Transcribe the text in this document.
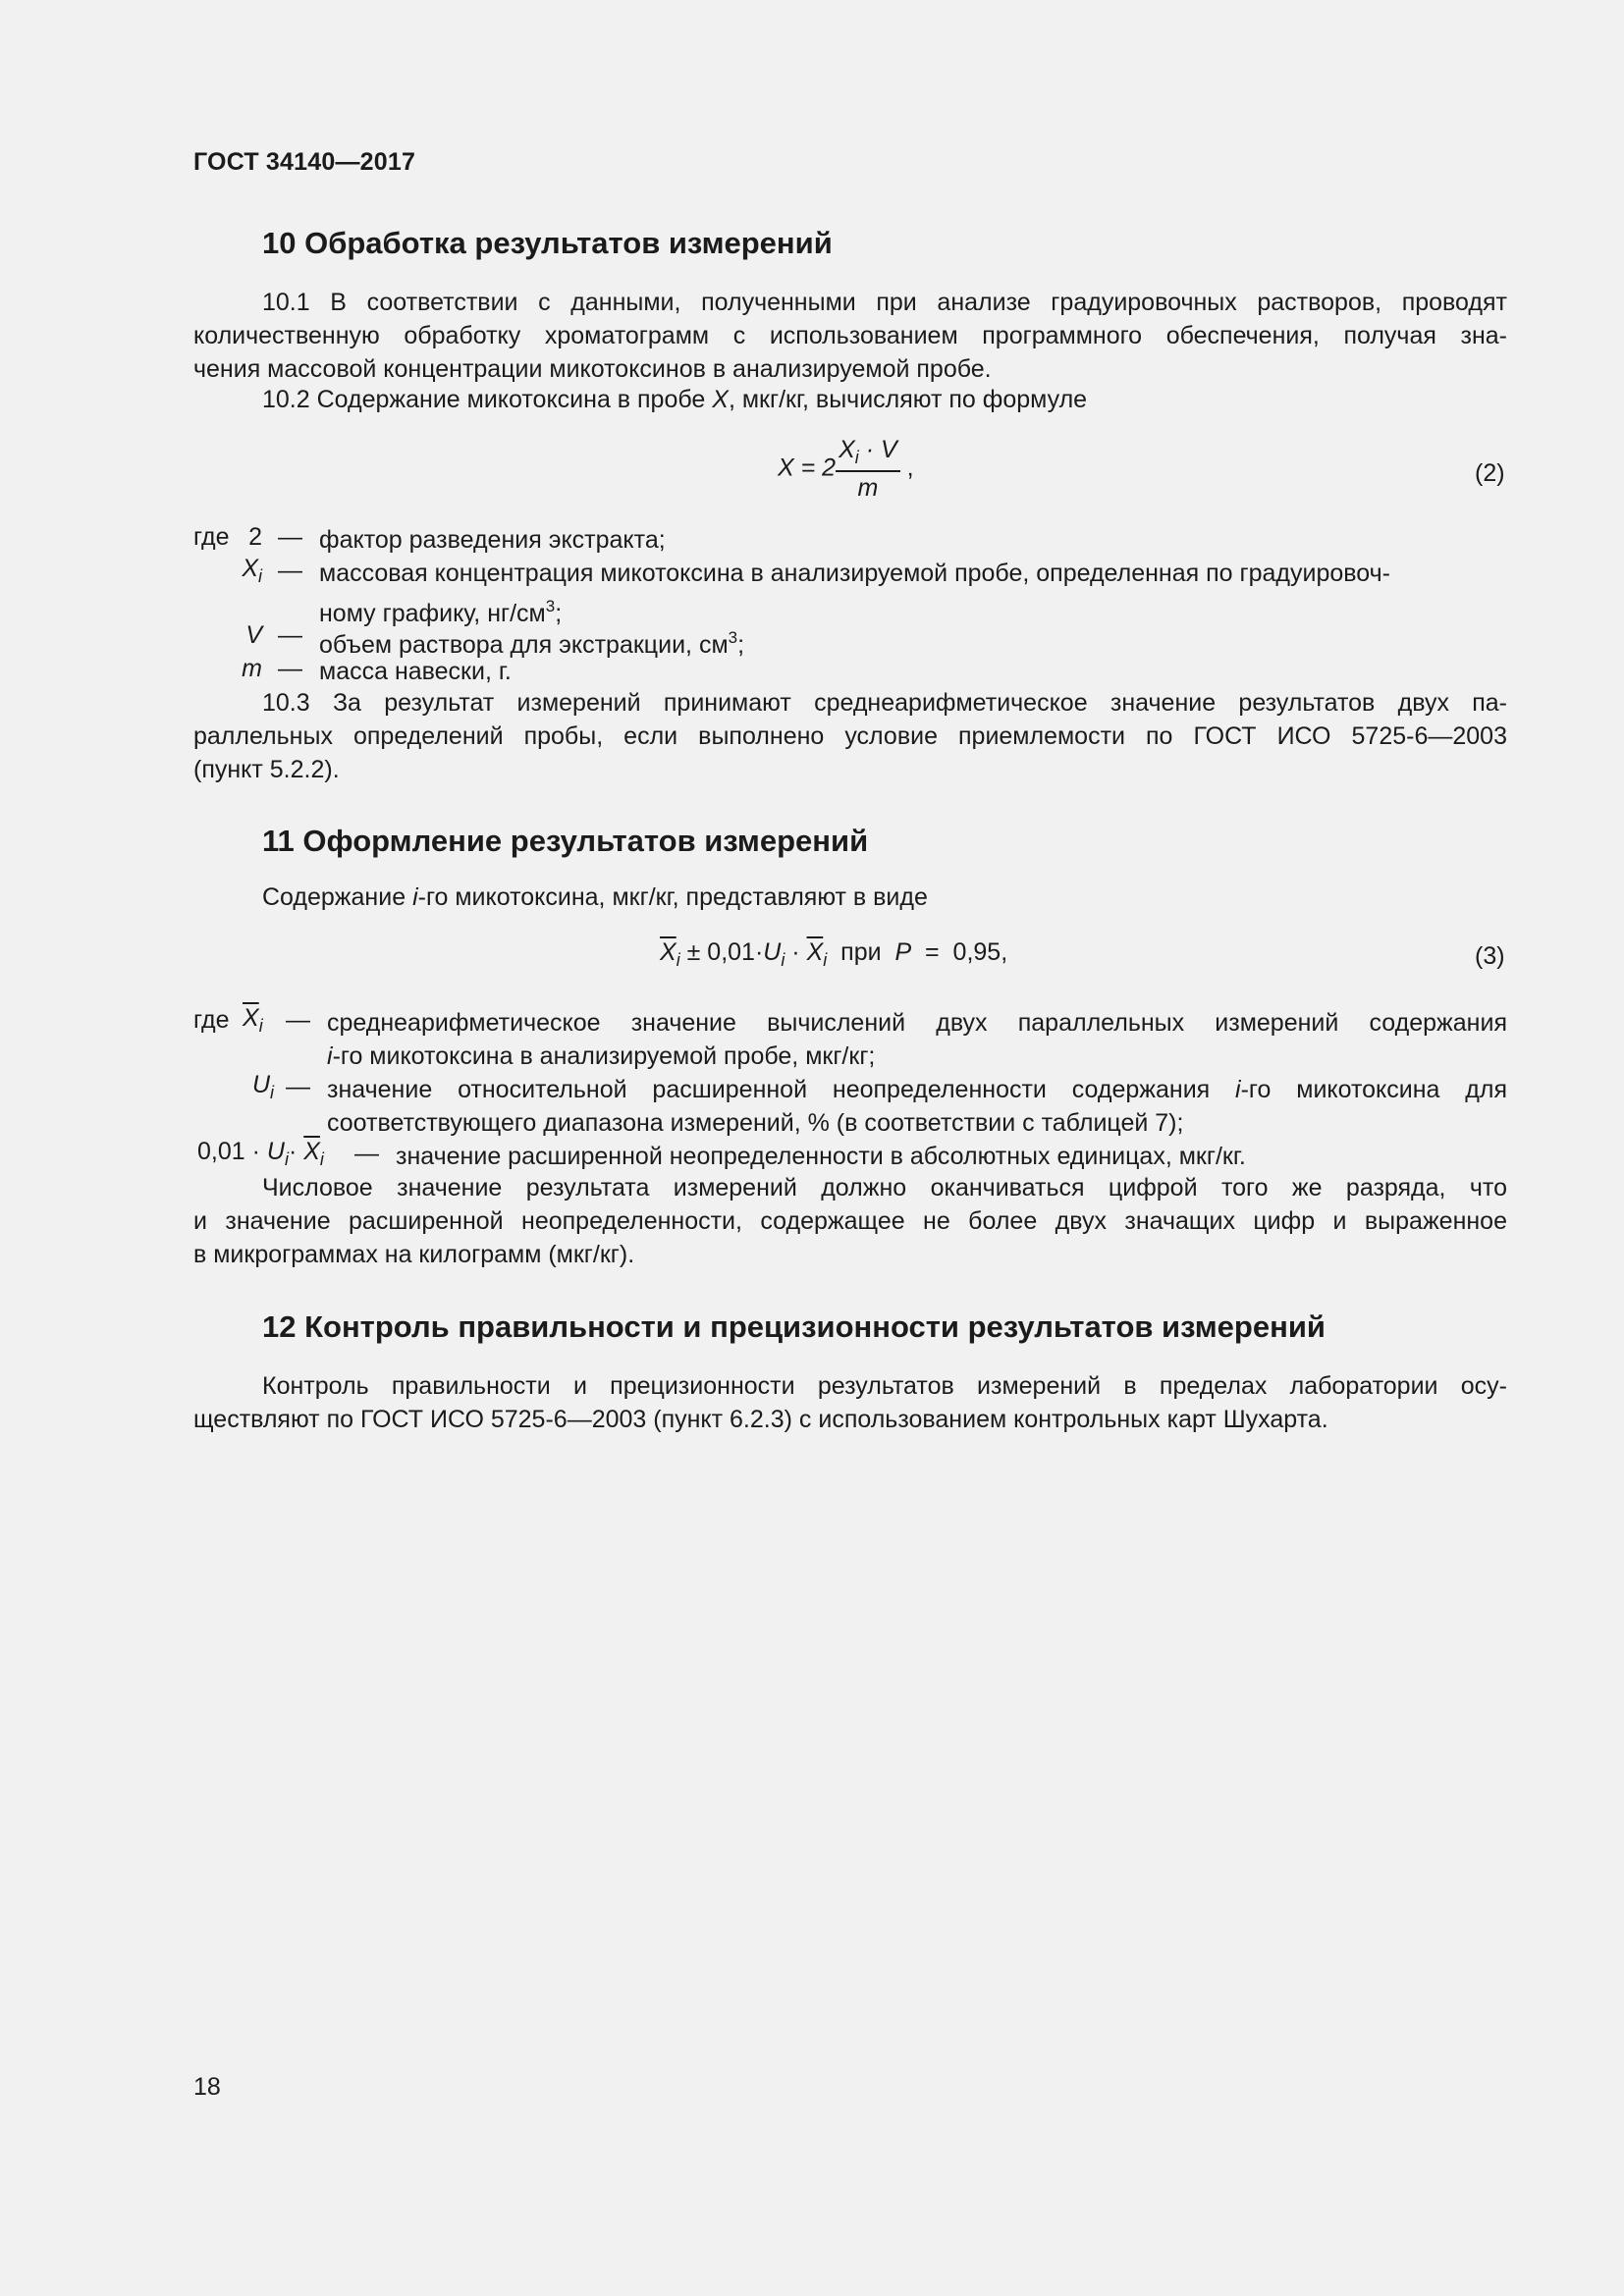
ГОСТ 34140—2017
10 Обработка результатов измерений
10.1 В соответствии с данными, полученными при анализе градуировочных растворов, проводят
количественную обработку хроматограмм с использованием программного обеспечения, получая зна-
чения массовой концентрации микотоксинов в анализируемой пробе.
10.2 Содержание микотоксина в пробе X, мкг/кг, вычисляют по формуле
$X = 2 \frac{X_i \cdot V}{m}$ ,	(2)
где 2 — фактор разведения экстракта;
$X_i$ — массовая концентрация микотоксина в анализируемой пробе, определенная по градуировоч-
ному графику, $нг/см^3$;
V — объем раствора для экстракции, $см^3$;
m — масса навески, г.
10.3 За результат измерений принимают среднеарифметическое значение результатов двух па-
раллельных определений пробы, если выполнено условие приемлемости по ГОСТ ИСО 5725-6—2003
(пункт 5.2.2).
11 Оформление результатов измерений
Содержание i-го микотоксина, мкг/кг, представляют в виде
$\overline{X}_i \pm 0,01\cdot U_i \cdot \overline{X}_i$  при  P  =  0,95,	(3)
где $\overline{X}_i$ — среднеарифметическое значение вычислений двух параллельных измерений содержания
i-го микотоксина в анализируемой пробе, мкг/кг;
$U_i$ — значение относительной расширенной неопределенности содержания i-го микотоксина для
соответствующего диапазона измерений, % (в соответствии с таблицей 7);
$0,01 \cdot U_i\cdot \overline{X}_i$ — значение расширенной неопределенности в абсолютных единицах, мкг/кг.
Числовое значение результата измерений должно оканчиваться цифрой того же разряда, что
и значение расширенной неопределенности, содержащее не более двух значащих цифр и выраженное
в микрограммах на килограмм (мкг/кг).
12 Контроль правильности и прецизионности результатов измерений
Контроль правильности и прецизионности результатов измерений в пределах лаборатории осу-
ществляют по ГОСТ ИСО 5725-6—2003 (пункт 6.2.3) с использованием контрольных карт Шухарта.
18
